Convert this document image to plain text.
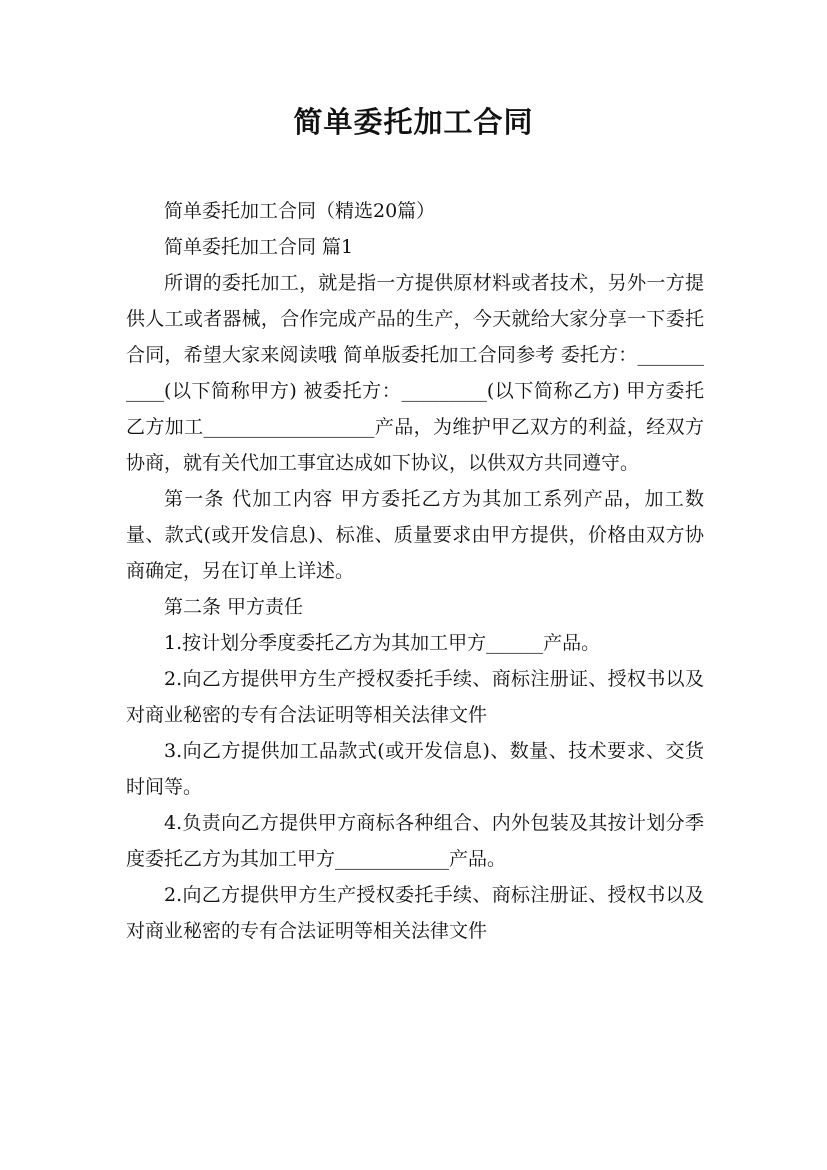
简单委托加工合同

简单委托加工合同（精选20篇）

简单委托加工合同 篇1

所谓的委托加工，就是指一方提供原材料或者技术，另外一方提供人工或者器械，合作完成产品的生产，今天就给大家分享一下委托合同，希望大家来阅读哦 简单版委托加工合同参考 委托方：___________(以下简称甲方) 被委托方：_________(以下简称乙方) 甲方委托乙方加工__________________产品，为维护甲乙双方的利益，经双方协商，就有关代加工事宜达成如下协议，以供双方共同遵守。

第一条 代加工内容 甲方委托乙方为其加工系列产品，加工数量、款式(或开发信息)、标准、质量要求由甲方提供，价格由双方协商确定，另在订单上详述。

第二条 甲方责任

1.按计划分季度委托乙方为其加工甲方______产品。

2.向乙方提供甲方生产授权委托手续、商标注册证、授权书以及对商业秘密的专有合法证明等相关法律文件

3.向乙方提供加工品款式(或开发信息)、数量、技术要求、交货时间等。

4.负责向乙方提供甲方商标各种组合、内外包装及其按计划分季度委托乙方为其加工甲方____________产品。

2.向乙方提供甲方生产授权委托手续、商标注册证、授权书以及对商业秘密的专有合法证明等相关法律文件
